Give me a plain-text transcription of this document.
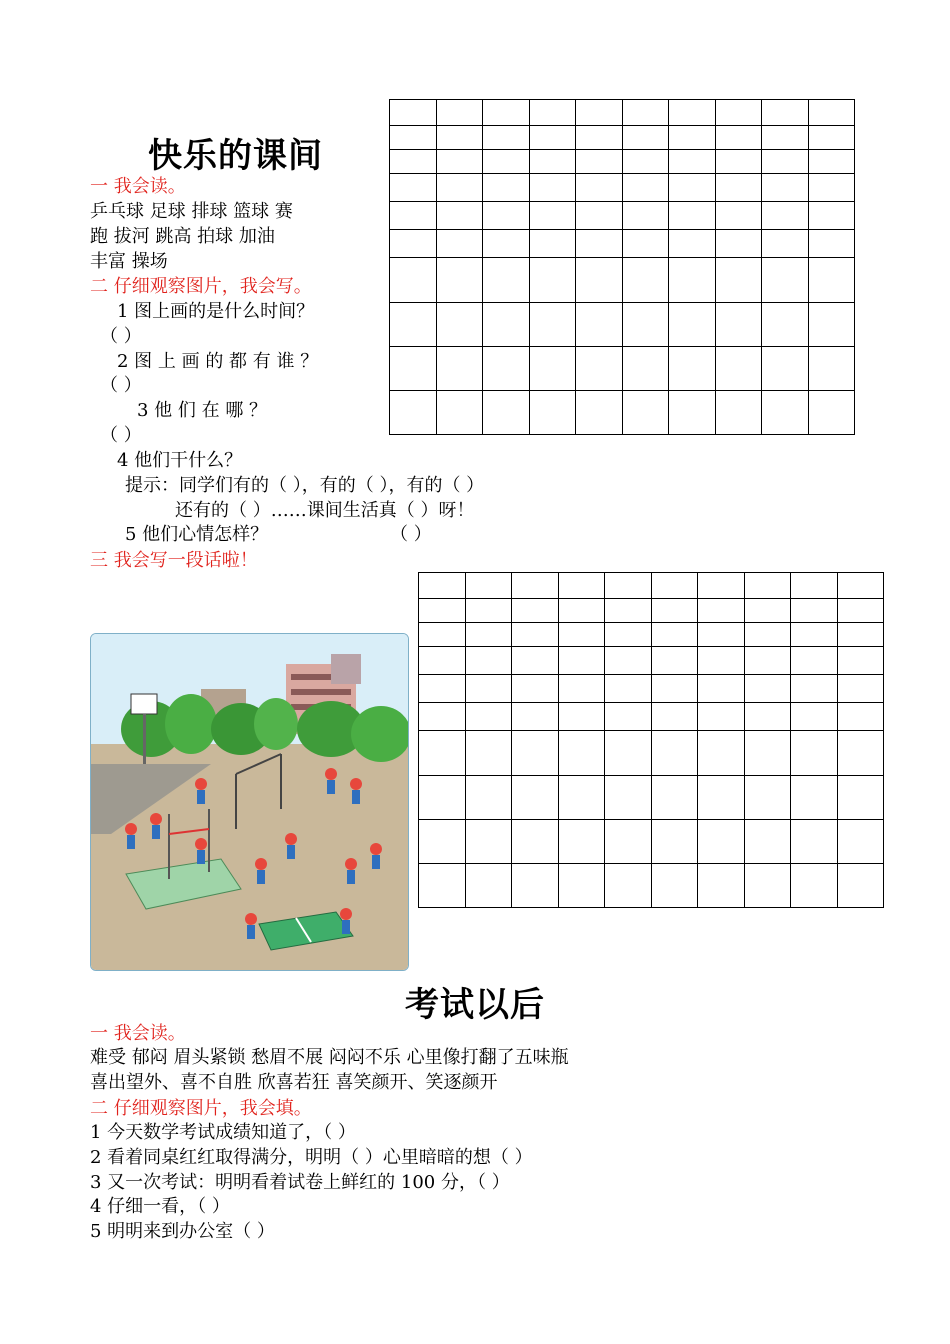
快乐的课间
一 我会读。
乒乓球 足球 排球 篮球 赛
跑 拔河 跳高 拍球 加油
丰富 操场
二 仔细观察图片，我会写。
1 图上画的是什么时间？
（ ）
2 图 上 画 的 都 有 谁 ？
（ ）
3 他 们 在 哪 ？
（ ）
4 他们干什么？
提示：同学们有的（ ），有的（ ），有的（ ）
还有的（ ）……课间生活真（ ）呀！
5 他们心情怎样？	（ ）
三 我会写一段话啦！

考试以后
一 我会读。
难受 郁闷 眉头紧锁 愁眉不展 闷闷不乐 心里像打翻了五味瓶
喜出望外、喜不自胜 欣喜若狂 喜笑颜开、笑逐颜开
二 仔细观察图片，我会填。
1 今天数学考试成绩知道了，（ ）
2 看着同桌红红取得满分，明明（ ）心里暗暗的想（ ）
3 又一次考试：明明看着试卷上鲜红的 100 分，（ ）
4 仔细一看，（ ）
5 明明来到办公室（ ）
